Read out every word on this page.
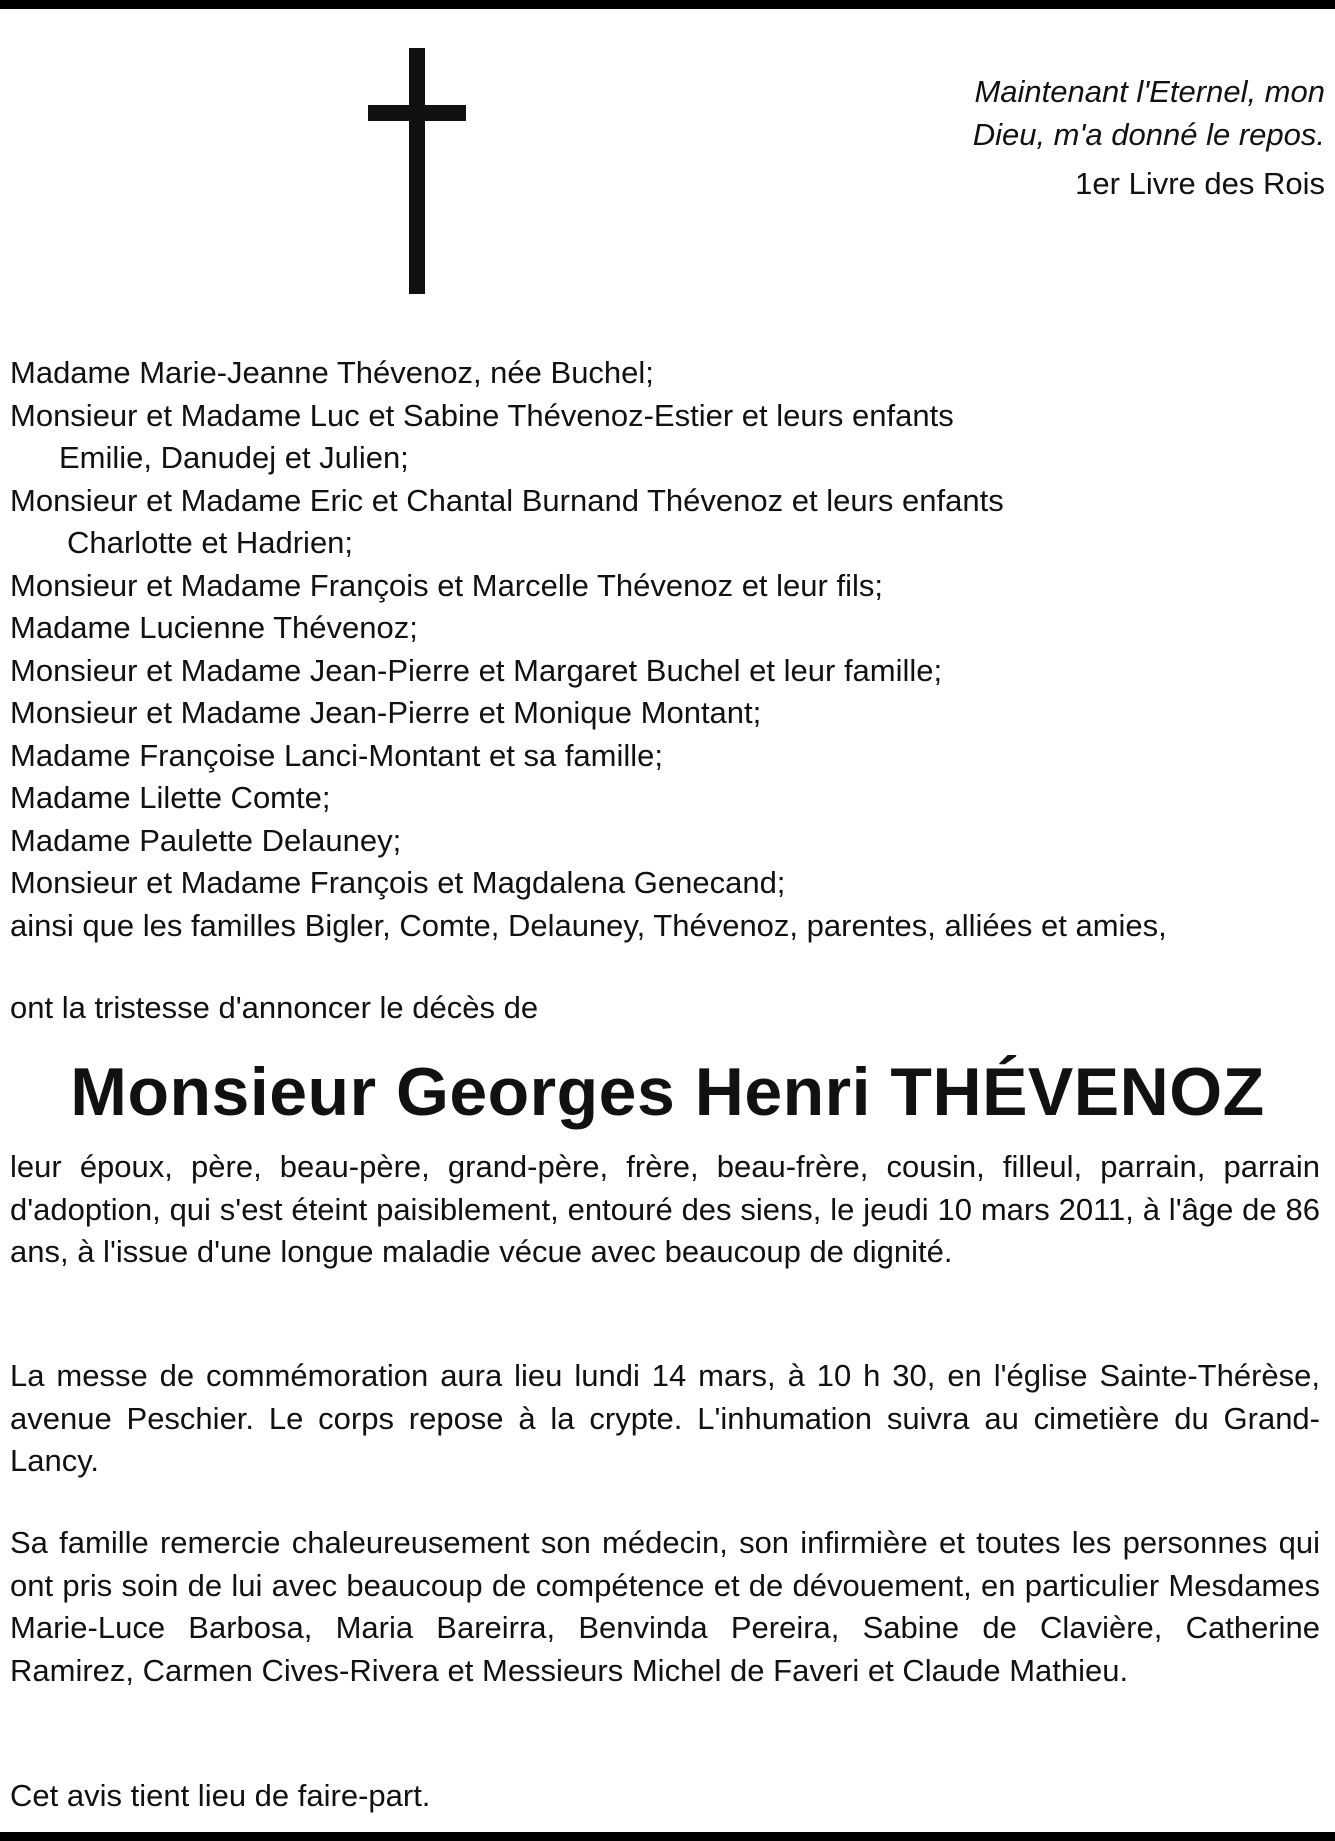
Maintenant l'Eternel, mon
Dieu, m'a donné le repos.
1er Livre des Rois
Madame Marie-Jeanne Thévenoz, née Buchel;
Monsieur et Madame Luc et Sabine Thévenoz-Estier et leurs enfants
Emilie, Danudej et Julien;
Monsieur et Madame Eric et Chantal Burnand Thévenoz et leurs enfants
Charlotte et Hadrien;
Monsieur et Madame François et Marcelle Thévenoz et leur fils;
Madame Lucienne Thévenoz;
Monsieur et Madame Jean-Pierre et Margaret Buchel et leur famille;
Monsieur et Madame Jean-Pierre et Monique Montant;
Madame Françoise Lanci-Montant et sa famille;
Madame Lilette Comte;
Madame Paulette Delauney;
Monsieur et Madame François et Magdalena Genecand;
ainsi que les familles Bigler, Comte, Delauney, Thévenoz, parentes, alliées et amies,
ont la tristesse d'annoncer le décès de
Monsieur Georges Henri THÉVENOZ

leur époux, père, beau-père, grand-père, frère, beau-frère, cousin, filleul, parrain, parrain d'adoption, qui s'est éteint paisiblement, entouré des siens, le jeudi 10 mars 2011, à l'âge de 86 ans, à l'issue d'une longue maladie vécue avec beaucoup de dignité.

La messe de commémoration aura lieu lundi 14 mars, à 10 h 30, en l'église Sainte-Thérèse, avenue Peschier. Le corps repose à la crypte. L'inhumation suivra au cimetière du Grand-Lancy.

Sa famille remercie chaleureusement son médecin, son infirmière et toutes les personnes qui ont pris soin de lui avec beaucoup de compétence et de dévouement, en particulier Mesdames Marie-Luce Barbosa, Maria Bareirra, Benvinda Pereira, Sabine de Clavière, Catherine Ramirez, Carmen Cives-Rivera et Messieurs Michel de Faveri et Claude Mathieu.

Cet avis tient lieu de faire-part.
